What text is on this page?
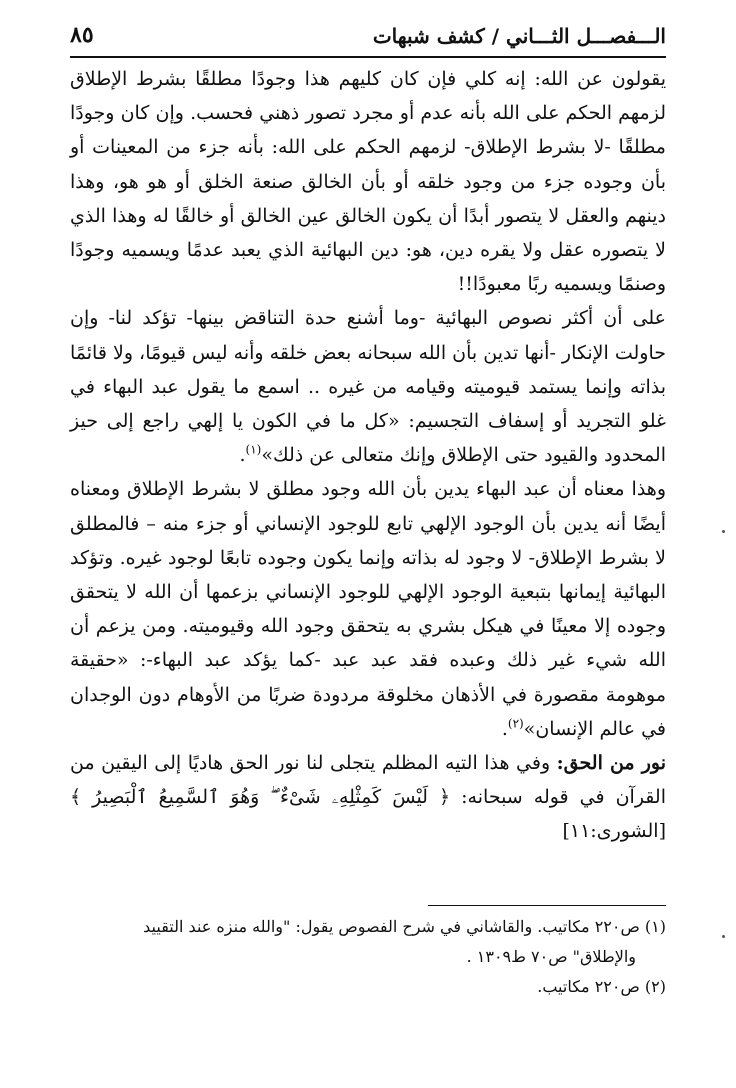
الـــفصـــل الثـــاني / كشف شبهات
٨٥

يقولون عن الله: إنه كلي فإن كان كليهم هذا وجودًا مطلقًا بشرط الإطلاق لزمهم الحكم على الله بأنه عدم أو مجرد تصور ذهني فحسب. وإن كان وجودًا مطلقًا -لا بشرط الإطلاق- لزمهم الحكم على الله: بأنه جزء من المعينات أو بأن وجوده جزء من وجود خلقه أو بأن الخالق صنعة الخلق أو هو هو، وهذا دينهم والعقل لا يتصور أبدًا أن يكون الخالق عين الخالق أو خالقًا له وهذا الذي لا يتصوره عقل ولا يقره دين، هو: دين البهائية الذي يعبد عدمًا ويسميه وجودًا وصنمًا ويسميه ربًا معبودًا!!

على أن أكثر نصوص البهائية -وما أشنع حدة التناقض بينها- تؤكد لنا- وإن حاولت الإنكار -أنها تدين بأن الله سبحانه بعض خلقه وأنه ليس قيومًا، ولا قائمًا بذاته وإنما يستمد قيوميته وقيامه من غيره .. اسمع ما يقول عبد البهاء في غلو التجريد أو إسفاف التجسيم: «كل ما في الكون يا إلهي راجع إلى حيز المحدود والقيود حتى الإطلاق وإنك متعالى عن ذلك»$^{(١)}$.

وهذا معناه أن عبد البهاء يدين بأن الله وجود مطلق لا بشرط الإطلاق ومعناه أيضًا أنه يدين بأن الوجود الإلهي تابع للوجود الإنساني أو جزء منه – فالمطلق لا بشرط الإطلاق- لا وجود له بذاته وإنما يكون وجوده تابعًا لوجود غيره. وتؤكد البهائية إيمانها بتبعية الوجود الإلهي للوجود الإنساني بزعمها أن الله لا يتحقق وجوده إلا معينًا في هيكل بشري به يتحقق وجود الله وقيوميته. ومن يزعم أن الله شيء غير ذلك وعبده فقد عبد عبد -كما يؤكد عبد البهاء-: «حقيقة موهومة مقصورة في الأذهان مخلوقة مردودة ضربًا من الأوهام دون الوجدان في عالم الإنسان»$^{(٢)}$.

نور من الحق: وفي هذا التيه المظلم يتجلى لنا نور الحق هاديًا إلى اليقين من القرآن في قوله سبحانه: ﴿ لَيْسَ كَمِثْلِهِۦ شَىْءٌ ۖ وَهُوَ ٱلسَّمِيعُ ٱلْبَصِيرُ ﴾ [الشورى:١١]

(١) ص٢٢٠ مكاتيب. والقاشاني في شرح الفصوص يقول: "والله منزه عند التقييد

والإطلاق" ص٧٠ ط١٣٠٩ .

(٢) ص٢٢٠ مكاتيب.
